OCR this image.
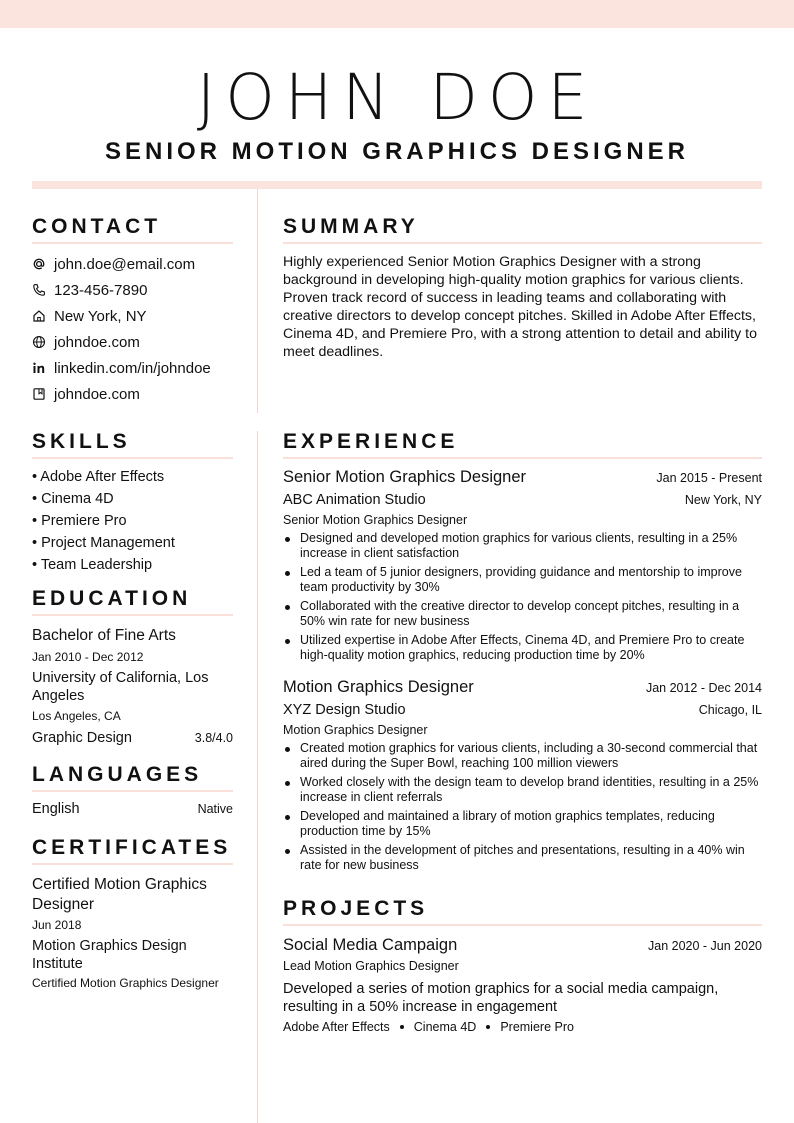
JOHN DOE
SENIOR MOTION GRAPHICS DESIGNER
CONTACT
john.doe@email.com
123-456-7890
New York, NY
johndoe.com
linkedin.com/in/johndoe
johndoe.com
SUMMARY
Highly experienced Senior Motion Graphics Designer with a strong background in developing high-quality motion graphics for various clients. Proven track record of success in leading teams and collaborating with creative directors to develop concept pitches. Skilled in Adobe After Effects, Cinema 4D, and Premiere Pro, with a strong attention to detail and ability to meet deadlines.
SKILLS
• Adobe After Effects
• Cinema 4D
• Premiere Pro
• Project Management
• Team Leadership
EDUCATION
Bachelor of Fine Arts
Jan 2010 - Dec 2012
University of California, Los Angeles
Los Angeles, CA
Graphic Design	3.8/4.0
LANGUAGES
English	Native
CERTIFICATES
Certified Motion Graphics Designer
Jun 2018
Motion Graphics Design Institute
Certified Motion Graphics Designer
EXPERIENCE
Senior Motion Graphics Designer	Jan 2015 - Present
ABC Animation Studio	New York, NY
Senior Motion Graphics Designer
Designed and developed motion graphics for various clients, resulting in a 25% increase in client satisfaction
Led a team of 5 junior designers, providing guidance and mentorship to improve team productivity by 30%
Collaborated with the creative director to develop concept pitches, resulting in a 50% win rate for new business
Utilized expertise in Adobe After Effects, Cinema 4D, and Premiere Pro to create high-quality motion graphics, reducing production time by 20%
Motion Graphics Designer	Jan 2012 - Dec 2014
XYZ Design Studio	Chicago, IL
Motion Graphics Designer
Created motion graphics for various clients, including a 30-second commercial that aired during the Super Bowl, reaching 100 million viewers
Worked closely with the design team to develop brand identities, resulting in a 25% increase in client referrals
Developed and maintained a library of motion graphics templates, reducing production time by 15%
Assisted in the development of pitches and presentations, resulting in a 40% win rate for new business
PROJECTS
Social Media Campaign	Jan 2020 - Jun 2020
Lead Motion Graphics Designer
Developed a series of motion graphics for a social media campaign, resulting in a 50% increase in engagement
Adobe After Effects Cinema 4D Premiere Pro
